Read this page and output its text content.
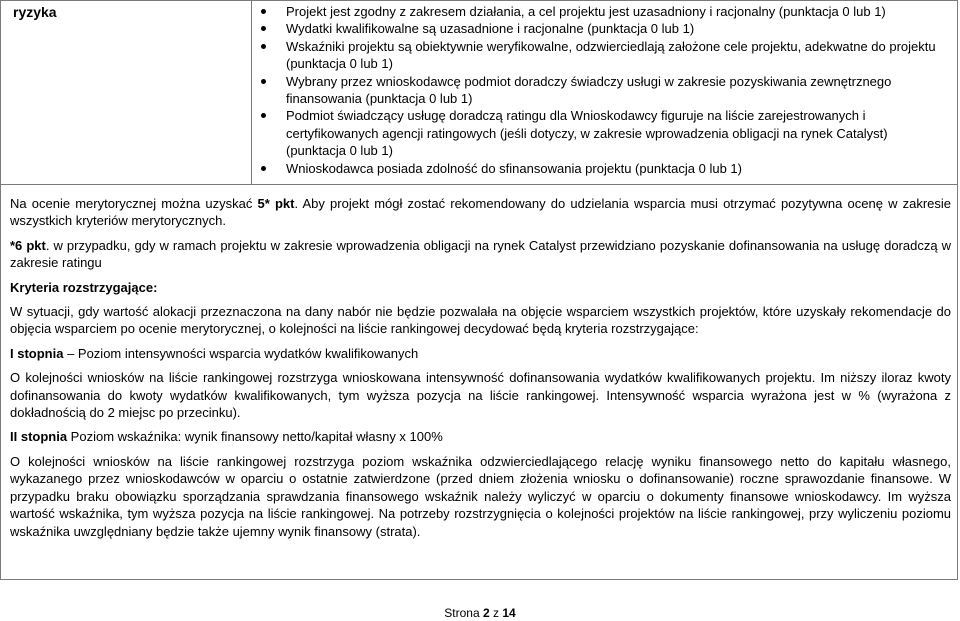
ryzyka	Projekt jest zgodny z zakresem działania, a cel projektu jest uzasadniony i racjonalny (punktacja 0 lub 1)
Wydatki kwalifikowalne są uzasadnione i racjonalne (punktacja 0 lub 1)
Wskaźniki projektu są obiektywnie weryfikowalne, odzwierciedlają założone cele projektu, adekwatne do projektu (punktacja 0 lub 1)
Wybrany przez wnioskodawcę podmiot doradczy świadczy usługi w zakresie pozyskiwania zewnętrznego finansowania (punktacja 0 lub 1)
Podmiot świadczący usługę doradczą ratingu dla Wnioskodawcy figuruje na liście zarejestrowanych i certyfikowanych agencji ratingowych (jeśli dotyczy, w zakresie wprowadzenia obligacji na rynek Catalyst) (punktacja 0 lub 1)
Wnioskodawca posiada zdolność do sfinansowania projektu (punktacja 0 lub 1)

Na ocenie merytorycznej można uzyskać 5* pkt. Aby projekt mógł zostać rekomendowany do udzielania wsparcia musi otrzymać pozytywna ocenę w zakresie wszystkich kryteriów merytorycznych.

*6 pkt. w przypadku, gdy w ramach projektu w zakresie wprowadzenia obligacji na rynek Catalyst przewidziano pozyskanie dofinansowania na usługę doradczą w zakresie ratingu

Kryteria rozstrzygające:

W sytuacji, gdy wartość alokacji przeznaczona na dany nabór nie będzie pozwalała na objęcie wsparciem wszystkich projektów, które uzyskały rekomendacje do objęcia wsparciem po ocenie merytorycznej, o kolejności na liście rankingowej decydować będą kryteria rozstrzygające:

I stopnia – Poziom intensywności wsparcia wydatków kwalifikowanych

O kolejności wniosków na liście rankingowej rozstrzyga wnioskowana intensywność dofinansowania wydatków kwalifikowanych projektu. Im niższy iloraz kwoty dofinansowania do kwoty wydatków kwalifikowanych, tym wyższa pozycja na liście rankingowej. Intensywność wsparcia wyrażona jest w % (wyrażona z dokładnością do 2 miejsc po przecinku).

II stopnia Poziom wskaźnika: wynik finansowy netto/kapitał własny x 100%

O kolejności wniosków na liście rankingowej rozstrzyga poziom wskaźnika odzwierciedlającego relację wyniku finansowego netto do kapitału własnego, wykazanego przez wnioskodawców w oparciu o ostatnie zatwierdzone (przed dniem złożenia wniosku o dofinansowanie) roczne sprawozdanie finansowe. W przypadku braku obowiązku sporządzania sprawdzania finansowego wskaźnik należy wyliczyć w oparciu o dokumenty finansowe wnioskodawcy. Im wyższa wartość wskaźnika, tym wyższa pozycja na liście rankingowej. Na potrzeby rozstrzygnięcia o kolejności projektów na liście rankingowej, przy wyliczeniu poziomu wskaźnika uwzględniany będzie także ujemny wynik finansowy (strata).

Strona 2 z 14
